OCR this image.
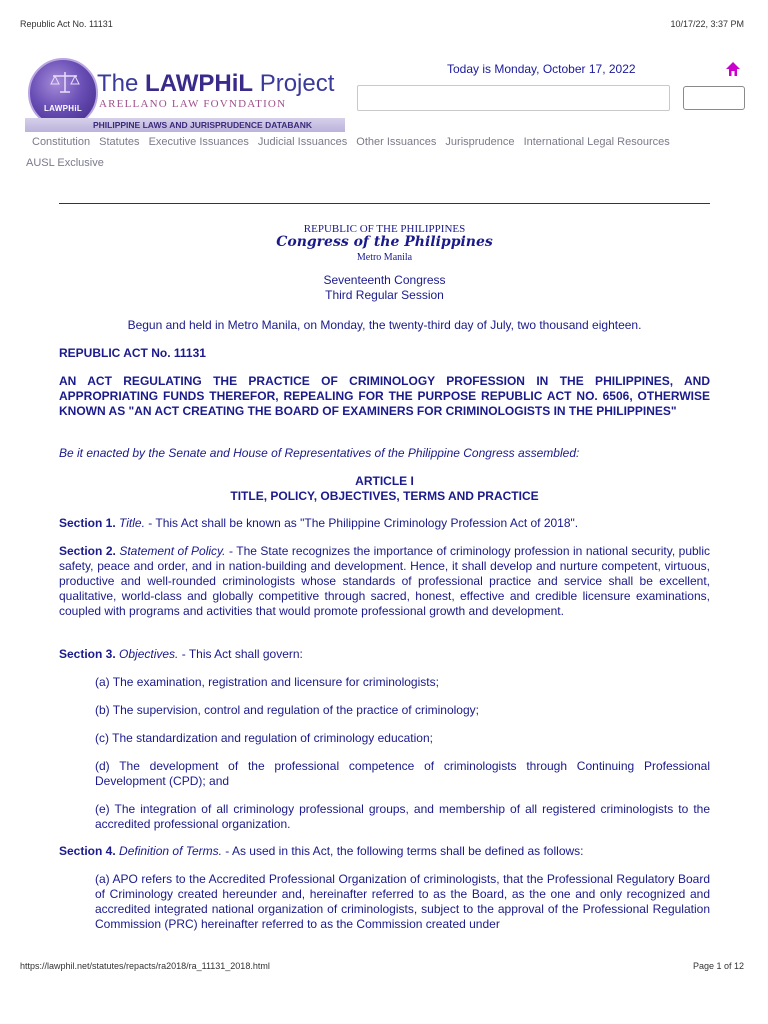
Republic Act No. 11131	10/17/22, 3:37 PM
LAWPHiL
The LAWPHiL Project
ARELLANO LAW FOVNDATION
PHILIPPINE LAWS AND JURISPRUDENCE DATABANK
Today is Monday, October 17, 2022
Constitution Statutes Executive Issuances Judicial Issuances Other Issuances Jurisprudence International Legal Resources
AUSL Exclusive
REPUBLIC OF THE PHILIPPINES
Congress of the Philippines
Metro Manila
Seventeenth Congress
Third Regular Session
Begun and held in Metro Manila, on Monday, the twenty-third day of July, two thousand eighteen.
REPUBLIC ACT No. 11131
AN ACT REGULATING THE PRACTICE OF CRIMINOLOGY PROFESSION IN THE PHILIPPINES, AND APPROPRIATING FUNDS THEREFOR, REPEALING FOR THE PURPOSE REPUBLIC ACT NO. 6506, OTHERWISE KNOWN AS "AN ACT CREATING THE BOARD OF EXAMINERS FOR CRIMINOLOGISTS IN THE PHILIPPINES"
Be it enacted by the Senate and House of Representatives of the Philippine Congress assembled:
ARTICLE I
TITLE, POLICY, OBJECTIVES, TERMS AND PRACTICE
Section 1. Title. - This Act shall be known as "The Philippine Criminology Profession Act of 2018".
Section 2. Statement of Policy. - The State recognizes the importance of criminology profession in national security, public safety, peace and order, and in nation-building and development. Hence, it shall develop and nurture competent, virtuous, productive and well-rounded criminologists whose standards of professional practice and service shall be excellent, qualitative, world-class and globally competitive through sacred, honest, effective and credible licensure examinations, coupled with programs and activities that would promote professional growth and development.
Section 3. Objectives. - This Act shall govern:
(a) The examination, registration and licensure for criminologists;
(b) The supervision, control and regulation of the practice of criminology;
(c) The standardization and regulation of criminology education;
(d) The development of the professional competence of criminologists through Continuing Professional Development (CPD); and
(e) The integration of all criminology professional groups, and membership of all registered criminologists to the accredited professional organization.
Section 4. Definition of Terms. - As used in this Act, the following terms shall be defined as follows:
(a) APO refers to the Accredited Professional Organization of criminologists, that the Professional Regulatory Board of Criminology created hereunder and, hereinafter referred to as the Board, as the one and only recognized and accredited integrated national organization of criminologists, subject to the approval of the Professional Regulation Commission (PRC) hereinafter referred to as the Commission created under
https://lawphil.net/statutes/repacts/ra2018/ra_11131_2018.html	Page 1 of 12
